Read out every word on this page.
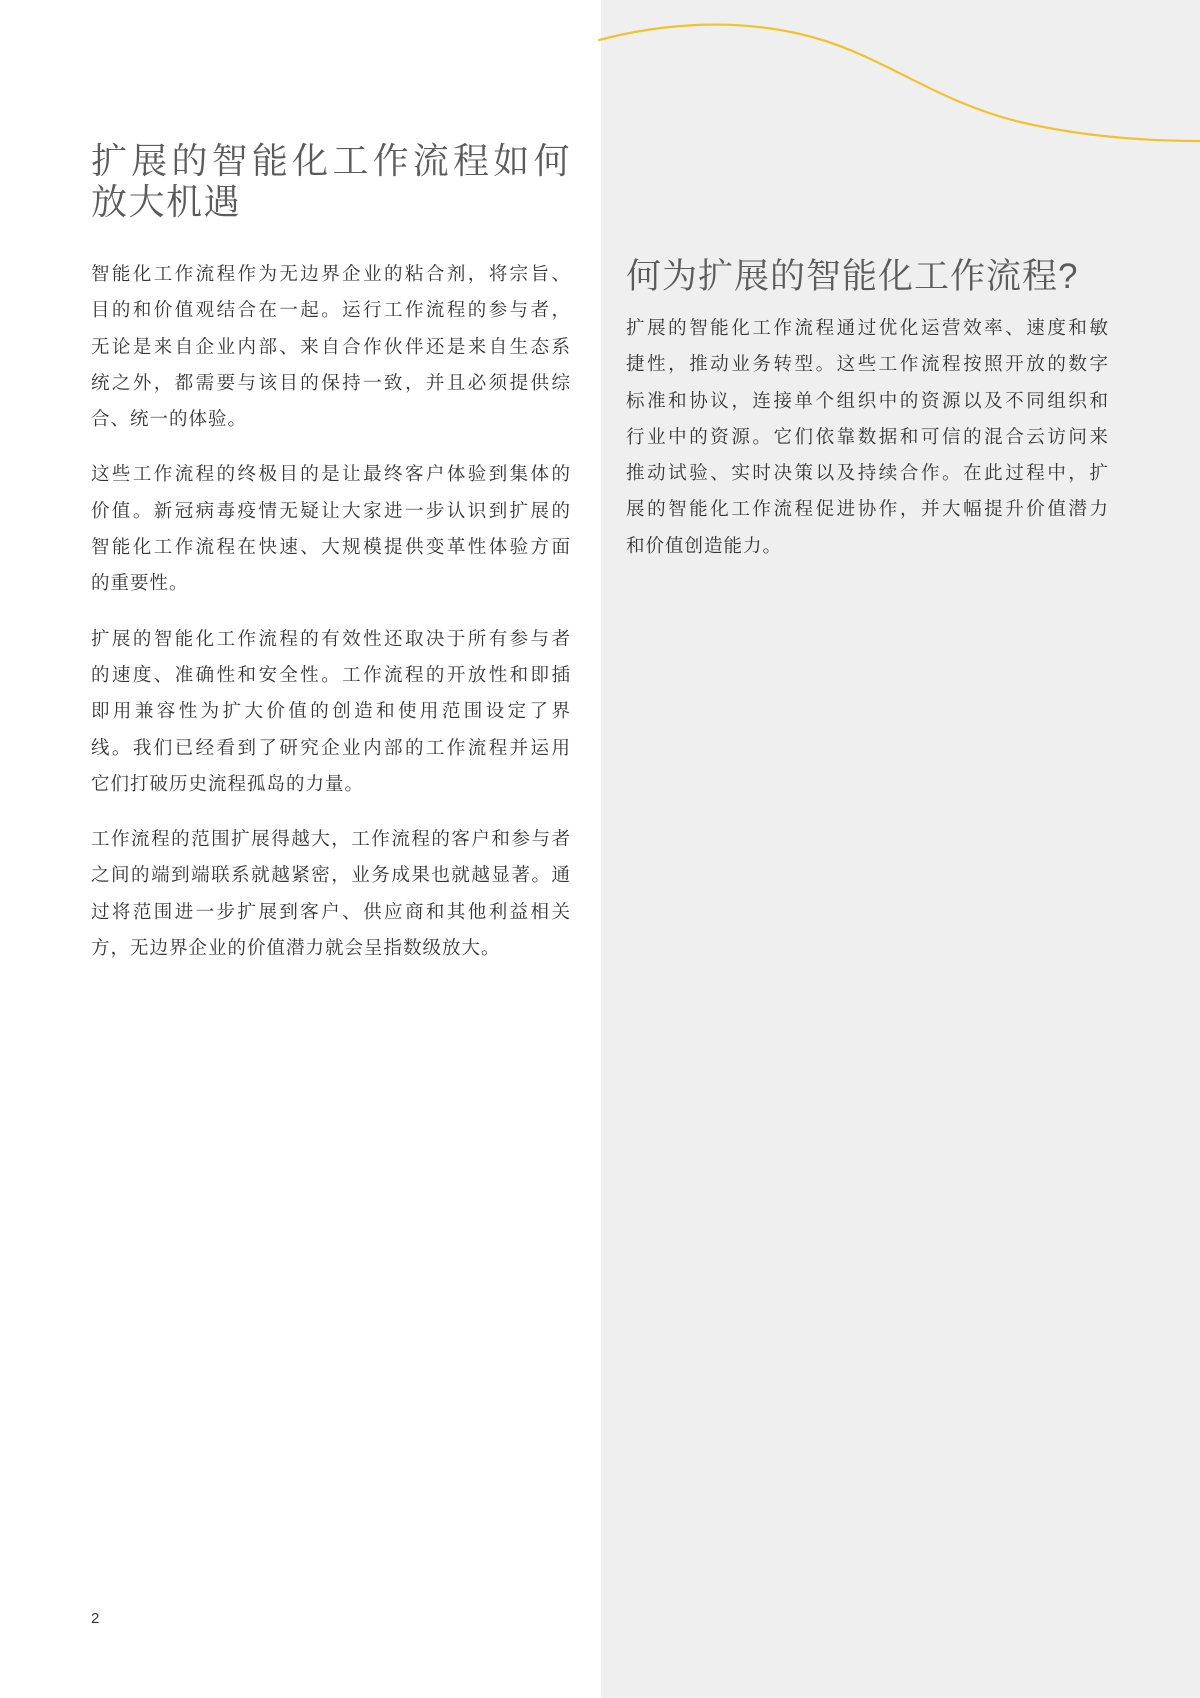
扩展的智能化工作流程如何放大机遇
智能化工作流程作为无边界企业的粘合剂，将宗旨、
目的和价值观结合在一起。运行工作流程的参与者，
无论是来自企业内部、来自合作伙伴还是来自生态系
统之外，都需要与该目的保持一致，并且必须提供综
合、统一的体验。
这些工作流程的终极目的是让最终客户体验到集体的
价值。新冠病毒疫情无疑让大家进一步认识到扩展的
智能化工作流程在快速、大规模提供变革性体验方面
的重要性。
扩展的智能化工作流程的有效性还取决于所有参与者
的速度、准确性和安全性。工作流程的开放性和即插
即用兼容性为扩大价值的创造和使用范围设定了界
线。我们已经看到了研究企业内部的工作流程并运用
它们打破历史流程孤岛的力量。
工作流程的范围扩展得越大，工作流程的客户和参与者
之间的端到端联系就越紧密，业务成果也就越显著。通
过将范围进一步扩展到客户、供应商和其他利益相关
方，无边界企业的价值潜力就会呈指数级放大。
何为扩展的智能化工作流程?
扩展的智能化工作流程通过优化运营效率、速度和敏
捷性，推动业务转型。这些工作流程按照开放的数字
标准和协议，连接单个组织中的资源以及不同组织和
行业中的资源。它们依靠数据和可信的混合云访问来
推动试验、实时决策以及持续合作。在此过程中，扩
展的智能化工作流程促进协作，并大幅提升价值潜力
和价值创造能力。
2
